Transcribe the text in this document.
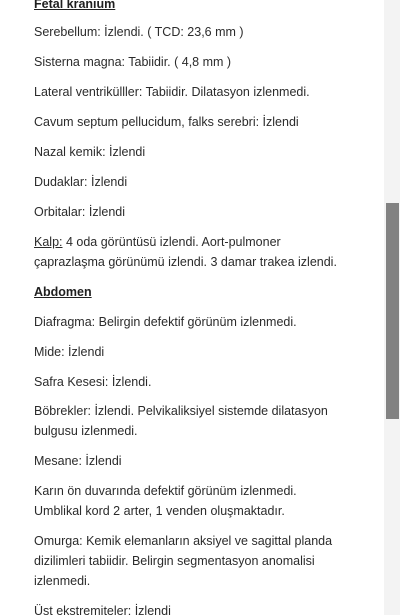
Fetal kranium
Serebellum: İzlendi. ( TCD: 23,6 mm )
Sisterna magna: Tabiidir. ( 4,8 mm )
Lateral ventrikülller: Tabiidir. Dilatasyon izlenmedi.
Cavum septum pellucidum, falks serebri: İzlendi
Nazal kemik: İzlendi
Dudaklar: İzlendi
Orbitalar: İzlendi
Kalp: 4 oda görüntüsü izlendi. Aort-pulmoner
çaprazlaşma görünümü izlendi. 3 damar trakea izlendi.
Abdomen
Diafragma: Belirgin defektif görünüm izlenmedi.
Mide: İzlendi
Safra Kesesi: İzlendi.
Böbrekler: İzlendi. Pelvikaliksiyel sistemde dilatasyon
bulgusu izlenmedi.
Mesane: İzlendi
Karın ön duvarında defektif görünüm izlenmedi.
Umblikal kord 2 arter, 1 venden oluşmaktadır.
Omurga: Kemik elemanların aksiyel ve sagittal planda
dizilimleri tabiidir. Belirgin segmentasyon anomalisi
izlenmedi.
Üst ekstremiteler: İzlendi
